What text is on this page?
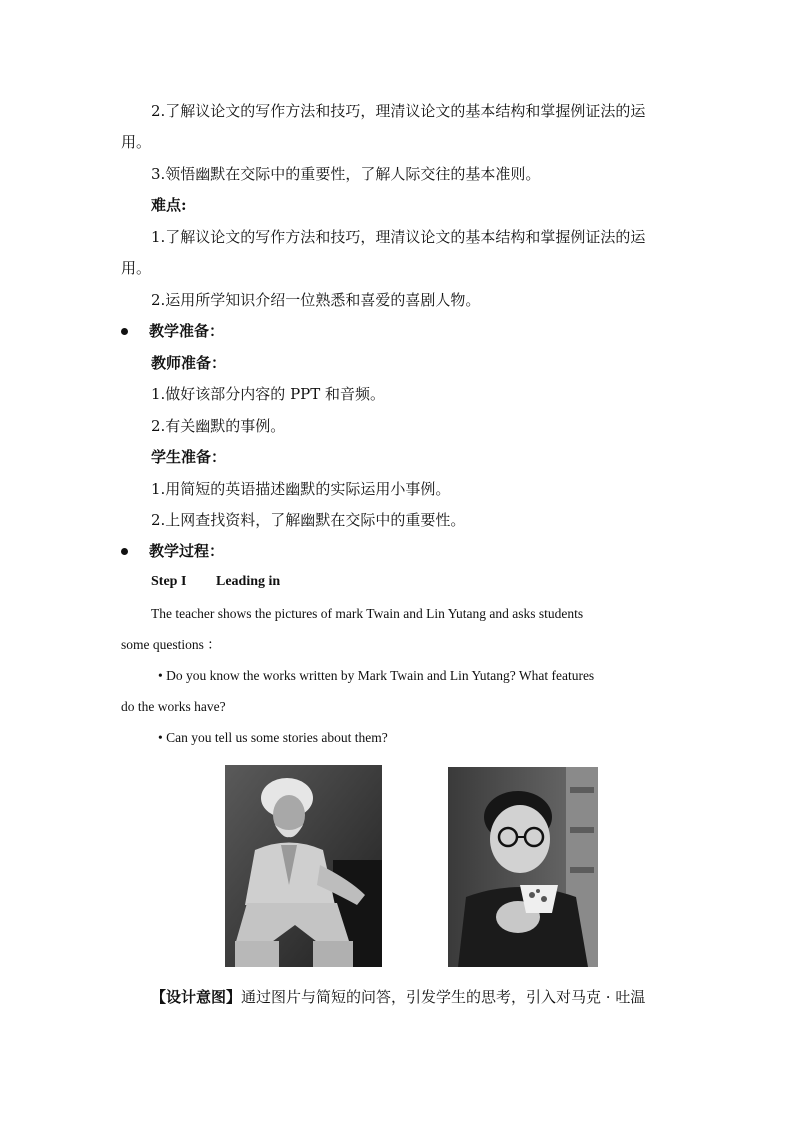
2.了解议论文的写作方法和技巧，理清议论文的基本结构和掌握例证法的运
用。
3.领悟幽默在交际中的重要性，了解人际交往的基本准则。
难点:
1.了解议论文的写作方法和技巧，理清议论文的基本结构和掌握例证法的运
用。
2.运用所学知识介绍一位熟悉和喜爱的喜剧人物。
教学准备：
教师准备：
1.做好该部分内容的 PPT 和音频。
2.有关幽默的事例。
学生准备：
1.用简短的英语描述幽默的实际运用小事例。
2.上网查找资料，了解幽默在交际中的重要性。
教学过程：
Step I Leading in
The teacher shows the pictures of mark Twain and Lin Yutang and asks students
some questions ：
• Do you know the works written by Mark Twain and Lin Yutang? What features
do the works have?
• Can you tell us some stories about them?
【设计意图】通过图片与简短的问答，引发学生的思考，引入对马克 · 吐温
